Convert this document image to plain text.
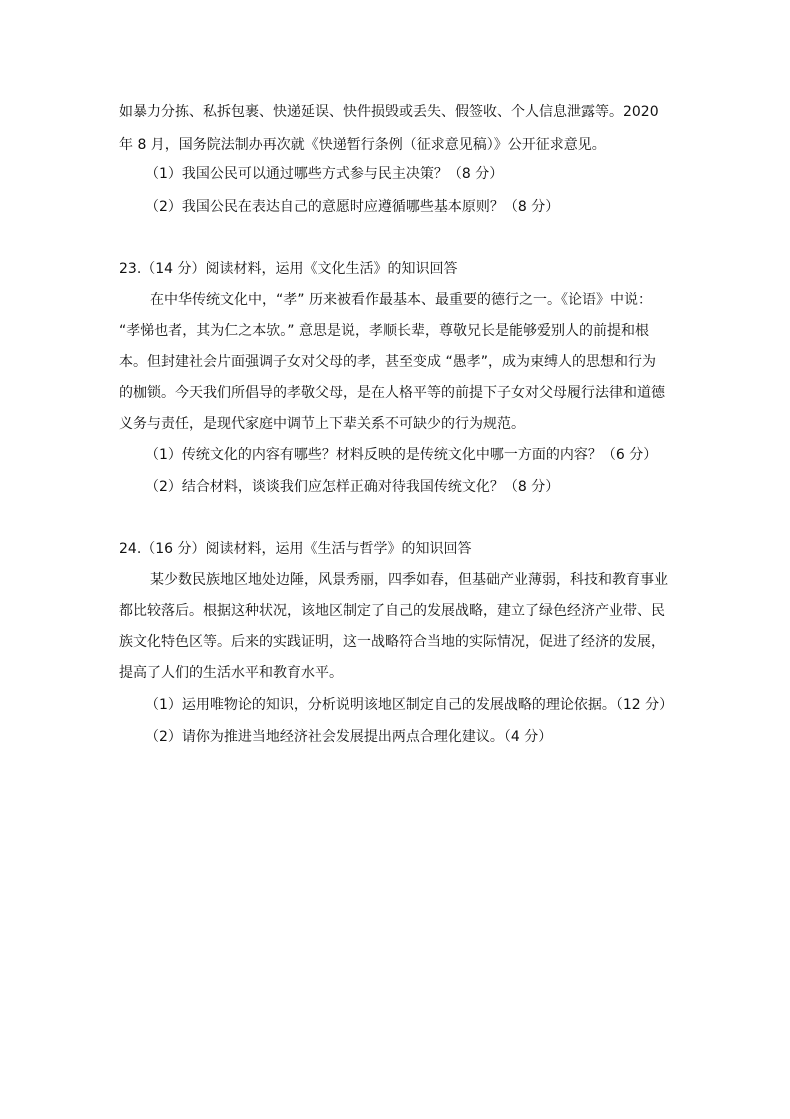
如暴力分拣、私拆包裹、快递延误、快件损毁或丢失、假签收、个人信息泄露等。2020
年 8 月，国务院法制办再次就《快递暂行条例（征求意见稿）》公开征求意见。
（1）我国公民可以通过哪些方式参与民主决策？（8 分）
（2）我国公民在表达自己的意愿时应遵循哪些基本原则？（8 分）
23.（14 分）阅读材料，运用《文化生活》的知识回答
在中华传统文化中，“孝” 历来被看作最基本、最重要的德行之一。《论语》中说：
“孝悌也者，其为仁之本欤。” 意思是说，孝顺长辈，尊敬兄长是能够爱别人的前提和根
本。但封建社会片面强调子女对父母的孝，甚至变成 “愚孝”，成为束缚人的思想和行为
的枷锁。今天我们所倡导的孝敬父母，是在人格平等的前提下子女对父母履行法律和道德
义务与责任，是现代家庭中调节上下辈关系不可缺少的行为规范。
（1）传统文化的内容有哪些？材料反映的是传统文化中哪一方面的内容？（6 分）
（2）结合材料，谈谈我们应怎样正确对待我国传统文化？（8 分）
24.（16 分）阅读材料，运用《生活与哲学》的知识回答
某少数民族地区地处边陲，风景秀丽，四季如春，但基础产业薄弱，科技和教育事业
都比较落后。根据这种状况，该地区制定了自己的发展战略，建立了绿色经济产业带、民
族文化特色区等。后来的实践证明，这一战略符合当地的实际情况，促进了经济的发展，
提高了人们的生活水平和教育水平。
（1）运用唯物论的知识，分析说明该地区制定自己的发展战略的理论依据。（12 分）
（2）请你为推进当地经济社会发展提出两点合理化建议。（4 分）
